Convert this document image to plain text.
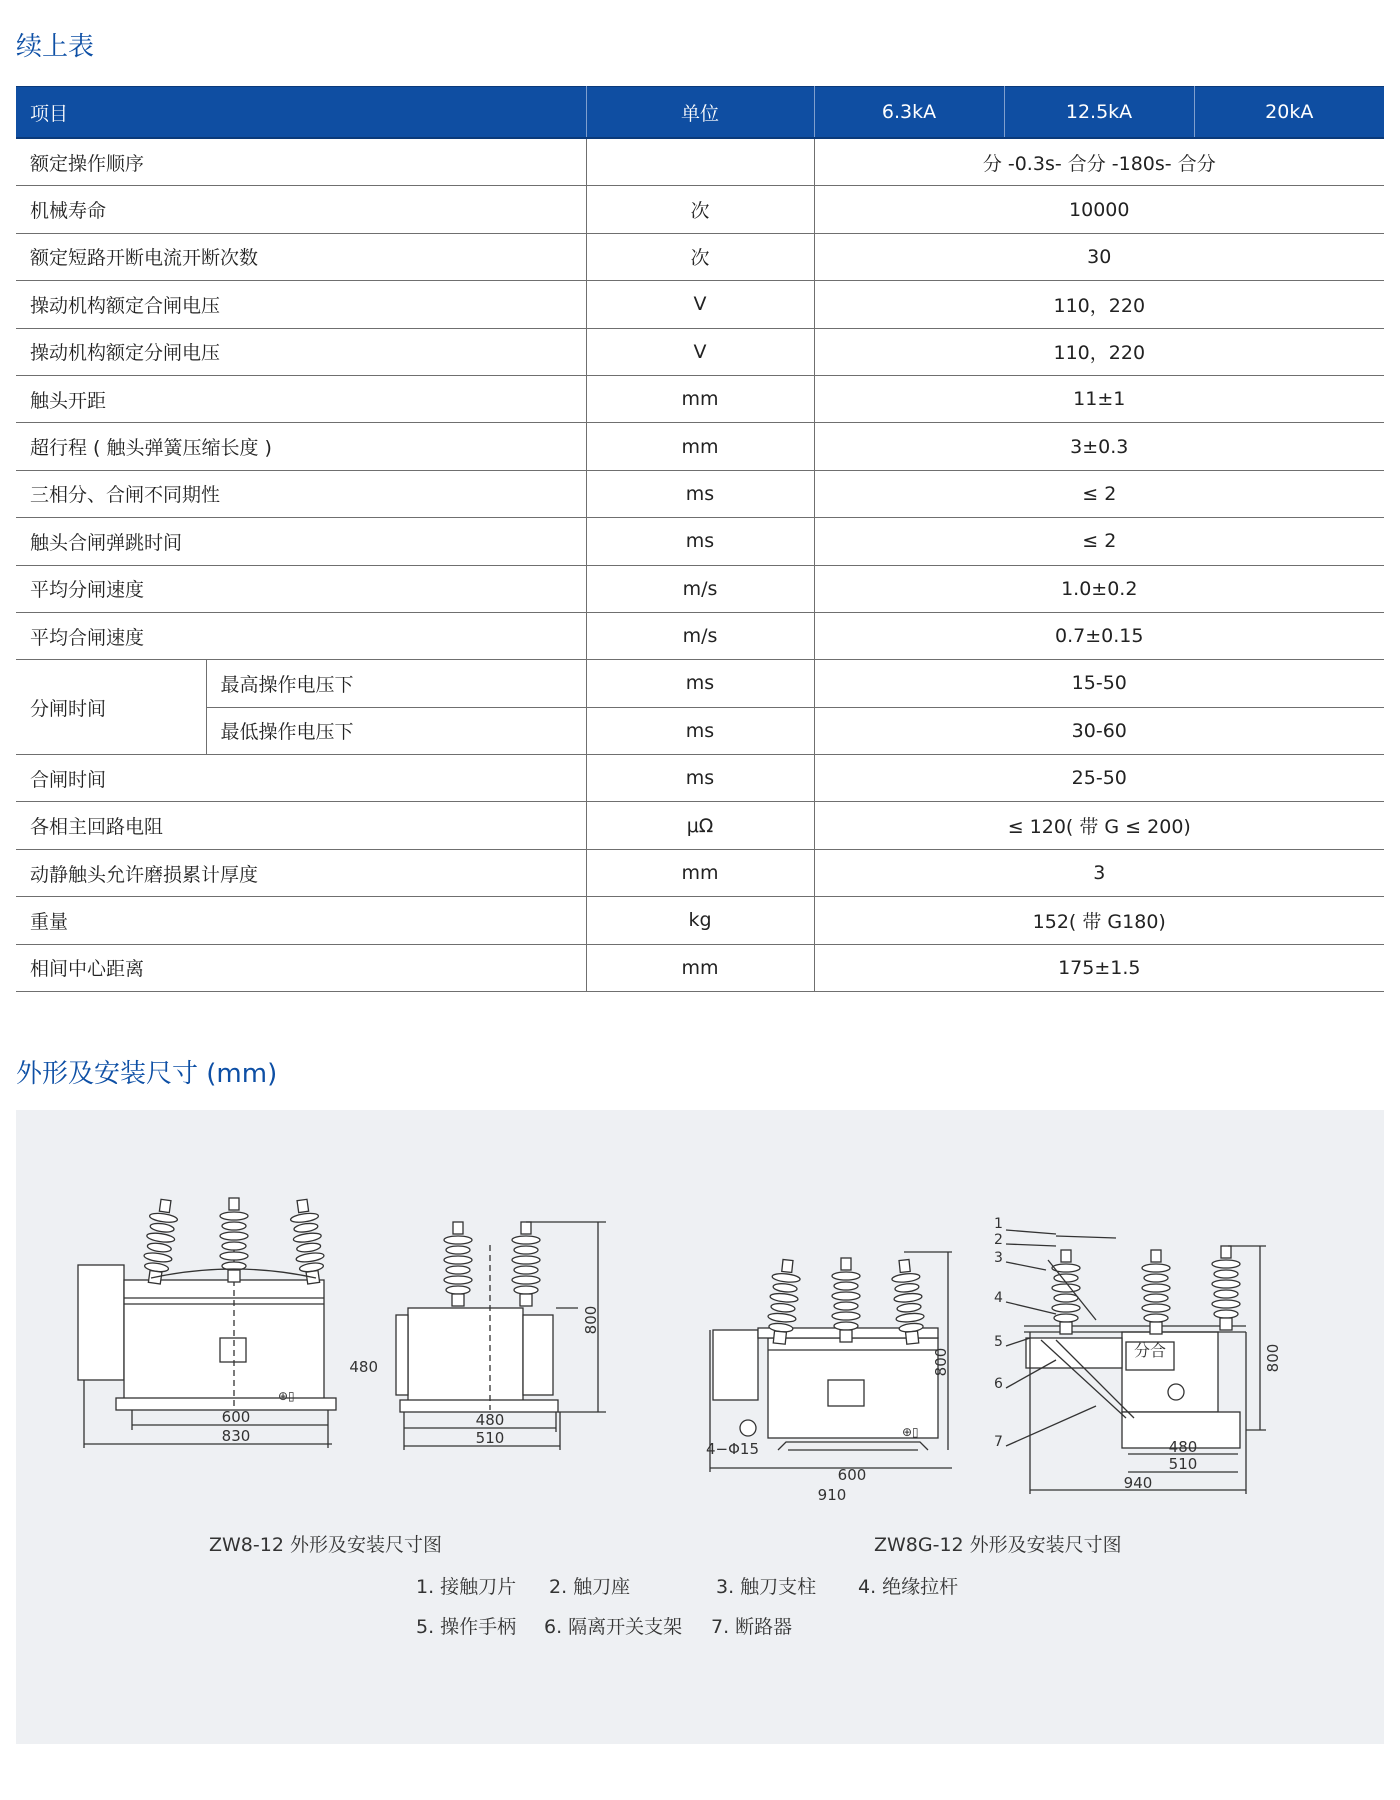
续上表
项目		单位	6.3kA	12.5kA	20kA
额定操作顺序			分 -0.3s- 合分 -180s- 合分		
机械寿命		次	10000		
额定短路开断电流开断次数		次	30		
操动机构额定合闸电压		V	110，220		
操动机构额定分闸电压		V	110，220		
触头开距		mm	11±1		
超行程 ( 触头弹簧压缩长度 )		mm	3±0.3		
三相分、合闸不同期性		ms	≤ 2		
触头合闸弹跳时间		ms	≤ 2		
平均分闸速度		m/s	1.0±0.2		
平均合闸速度		m/s	0.7±0.15		
分闸时间	最高操作电压下	ms	15-50		
	最低操作电压下	ms	30-60		
合闸时间		ms	25-50		
各相主回路电阻		μΩ	≤ 120( 带 G ≤ 200)		
动静触头允许磨损累计厚度		mm	3		
重量		kg	152( 带 G180)		
相间中心距离		mm	175±1.5		
外形及安装尺寸 (mm)
⊕▯
600
830
480
510
480
800
⊕▯
600
910
4−Φ15
800
480
510
940
800
分合
1
2
3
4
5
6
7
ZW8-12 外形及安装尺寸图	ZW8G-12 外形及安装尺寸图
1. 接触刀片 2. 触刀座	3. 触刀支柱 4. 绝缘拉杆
5. 操作手柄 6. 隔离开关支架 7. 断路器
